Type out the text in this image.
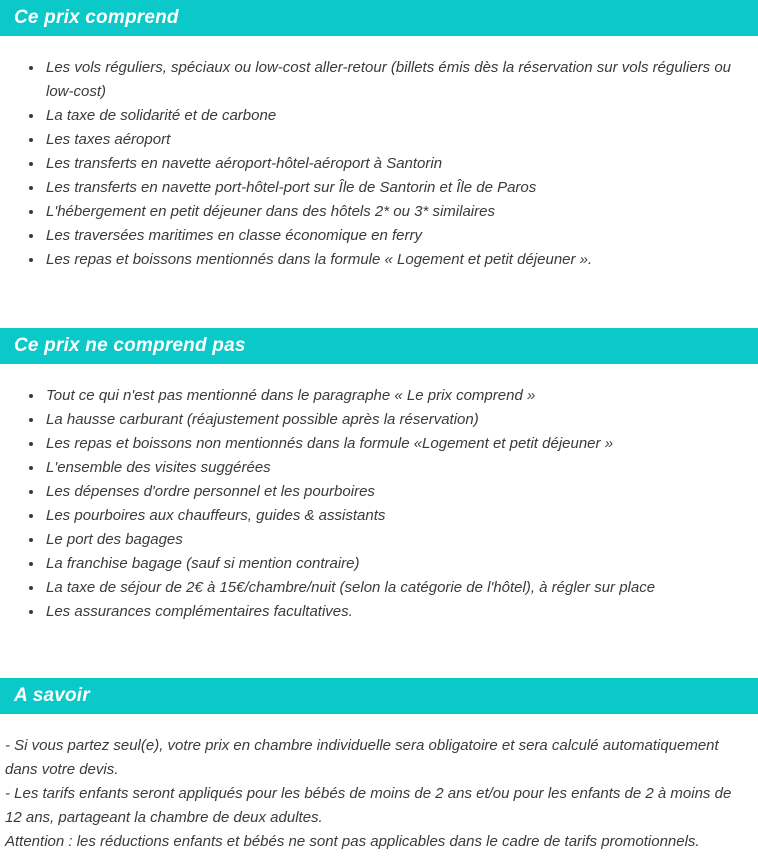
Ce prix comprend
• Les vols réguliers, spéciaux ou low-cost aller-retour (billets émis dès la réservation sur vols réguliers ou low-cost)
• La taxe de solidarité et de carbone
• Les taxes aéroport
• Les transferts en navette aéroport-hôtel-aéroport à Santorin
• Les transferts en navette port-hôtel-port sur Île de Santorin et Île de Paros
• L'hébergement en petit déjeuner dans des hôtels 2* ou 3* similaires
• Les traversées maritimes en classe économique en ferry
• Les repas et boissons mentionnés dans la formule « Logement et petit déjeuner ».
Ce prix ne comprend pas
• Tout ce qui n'est pas mentionné dans le paragraphe « Le prix comprend »
• La hausse carburant (réajustement possible après la réservation)
• Les repas et boissons non mentionnés dans la formule «Logement et petit déjeuner »
• L'ensemble des visites suggérées
• Les dépenses d'ordre personnel et les pourboires
• Les pourboires aux chauffeurs, guides & assistants
• Le port des bagages
• La franchise bagage (sauf si mention contraire)
• La taxe de séjour de 2€ à 15€/chambre/nuit (selon la catégorie de l'hôtel), à régler sur place
• Les assurances complémentaires facultatives.
A savoir

- Si vous partez seul(e), votre prix en chambre individuelle sera obligatoire et sera calculé automatiquement dans votre devis.

- Les tarifs enfants seront appliqués pour les bébés de moins de 2 ans et/ou pour les enfants de 2 à moins de 12 ans, partageant la chambre de deux adultes.

Attention : les réductions enfants et bébés ne sont pas applicables dans le cadre de tarifs promotionnels.
